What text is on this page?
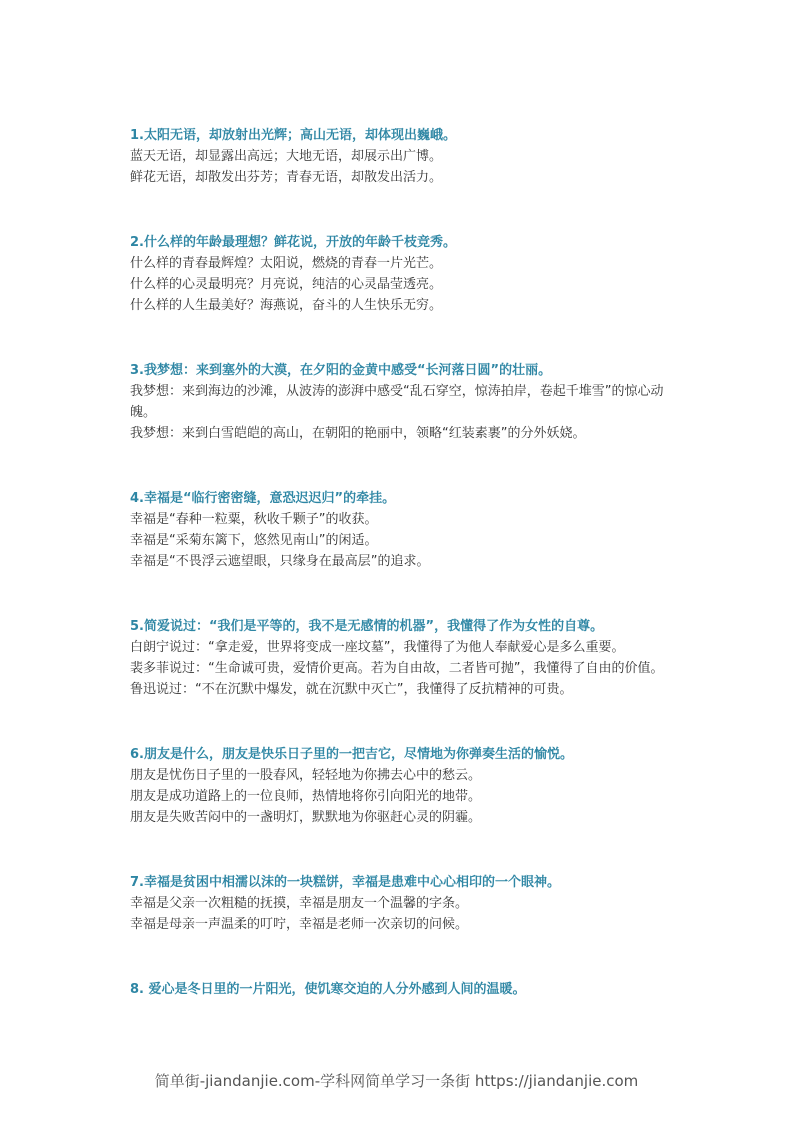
1.太阳无语，却放射出光辉；高山无语，却体现出巍峨。

蓝天无语，却显露出高远；大地无语，却展示出广博。

鲜花无语，却散发出芬芳；青春无语，却散发出活力。

2.什么样的年龄最理想？鲜花说，开放的年龄千枝竞秀。

什么样的青春最辉煌？太阳说，燃烧的青春一片光芒。

什么样的心灵最明亮？月亮说，纯洁的心灵晶莹透亮。

什么样的人生最美好？海燕说，奋斗的人生快乐无穷。

3.我梦想：来到塞外的大漠，在夕阳的金黄中感受“长河落日圆”的壮丽。

我梦想：来到海边的沙滩，从波涛的澎湃中感受“乱石穿空，惊涛拍岸，卷起千堆雪”的惊心动魄。

我梦想：来到白雪皑皑的高山，在朝阳的艳丽中，领略“红装素裹”的分外妖娆。

4.幸福是“临行密密缝，意恐迟迟归”的牵挂。

幸福是“春种一粒粟，秋收千颗子”的收获。

幸福是“采菊东篱下，悠然见南山”的闲适。

幸福是“不畏浮云遮望眼，只缘身在最高层”的追求。

5.简爱说过：“我们是平等的，我不是无感情的机器”，我懂得了作为女性的自尊。

白朗宁说过：“拿走爱，世界将变成一座坟墓”，我懂得了为他人奉献爱心是多么重要。

裴多菲说过：“生命诚可贵，爱情价更高。若为自由故，二者皆可抛”，我懂得了自由的价值。

鲁迅说过：“不在沉默中爆发，就在沉默中灭亡”，我懂得了反抗精神的可贵。

6.朋友是什么，朋友是快乐日子里的一把吉它，尽情地为你弹奏生活的愉悦。

朋友是忧伤日子里的一股春风，轻轻地为你拂去心中的愁云。

朋友是成功道路上的一位良师，热情地将你引向阳光的地带。

朋友是失败苦闷中的一盏明灯，默默地为你驱赶心灵的阴霾。

7.幸福是贫困中相濡以沫的一块糕饼，幸福是患难中心心相印的一个眼神。

幸福是父亲一次粗糙的抚摸，幸福是朋友一个温馨的字条。

幸福是母亲一声温柔的叮咛，幸福是老师一次亲切的问候。

8. 爱心是冬日里的一片阳光，使饥寒交迫的人分外感到人间的温暖。

简单街-jiandanjie.com-学科网简单学习一条街 https://jiandanjie.com
